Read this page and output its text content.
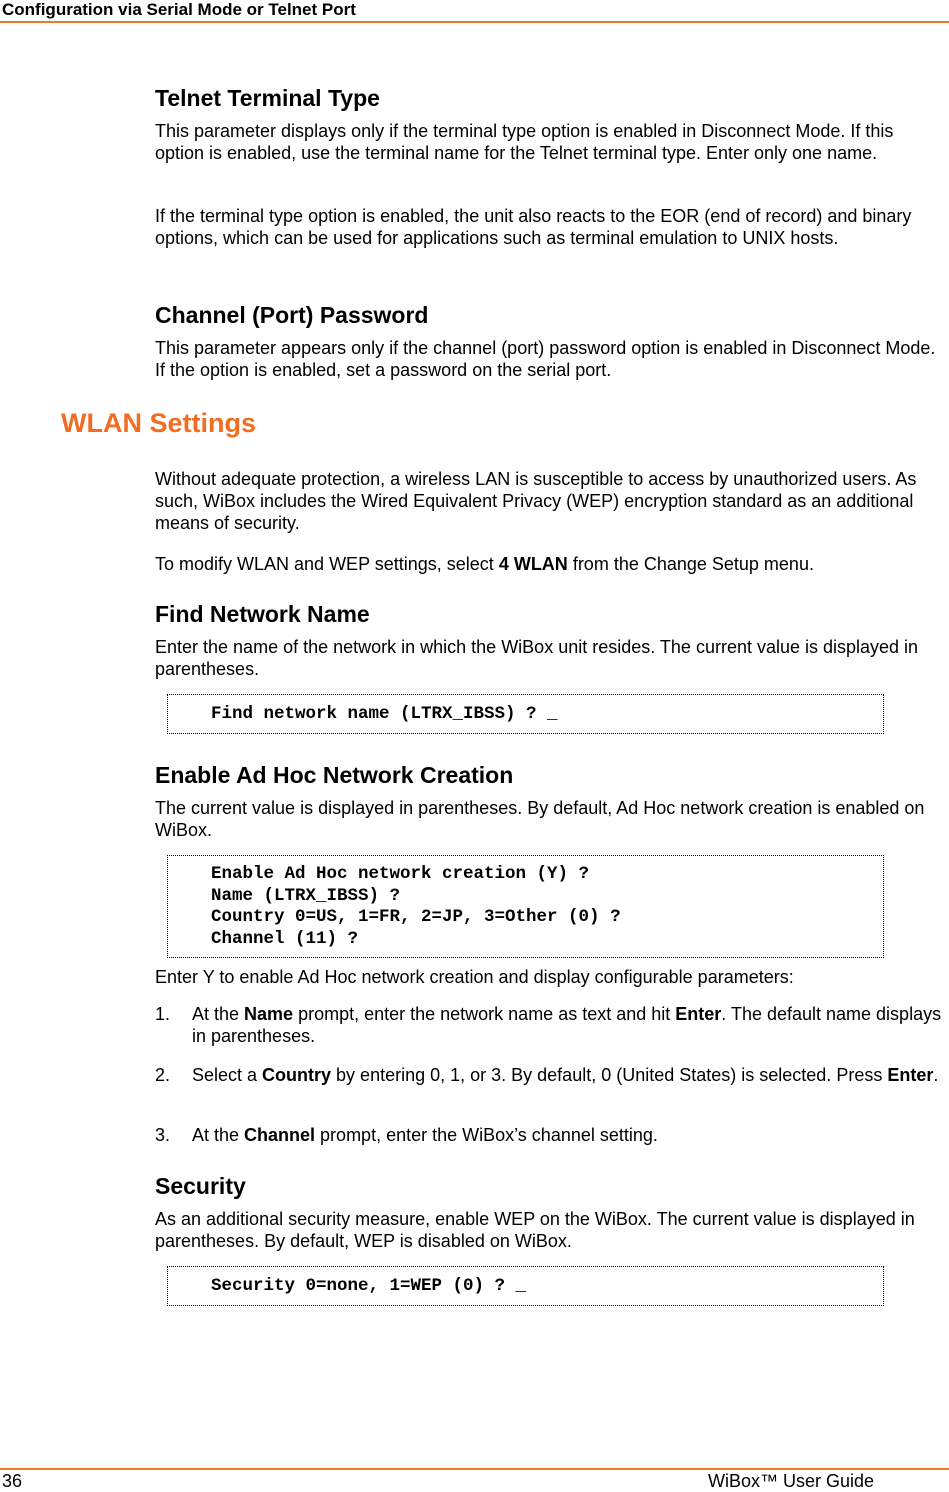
Configuration via Serial Mode or Telnet Port
Telnet Terminal Type

This parameter displays only if the terminal type option is enabled in Disconnect Mode. If this option is enabled, use the terminal name for the Telnet terminal type. Enter only one name.

If the terminal type option is enabled, the unit also reacts to the EOR (end of record) and binary options, which can be used for applications such as terminal emulation to UNIX hosts.

Channel (Port) Password

This parameter appears only if the channel (port) password option is enabled in Disconnect Mode. If the option is enabled, set a password on the serial port.

WLAN Settings

Without adequate protection, a wireless LAN is susceptible to access by unauthorized users. As such, WiBox includes the Wired Equivalent Privacy (WEP) encryption standard as an additional means of security.

To modify WLAN and WEP settings, select 4 WLAN from the Change Setup menu.

Find Network Name

Enter the name of the network in which the WiBox unit resides. The current value is displayed in parentheses.

Find network name (LTRX_IBSS) ? _
Enable Ad Hoc Network Creation

The current value is displayed in parentheses. By default, Ad Hoc network creation is enabled on WiBox.

Enable Ad Hoc network creation (Y) ?
Name (LTRX_IBSS) ?
Country 0=US, 1=FR, 2=JP, 3=Other (0) ?
Channel (11) ?

Enter Y to enable Ad Hoc network creation and display configurable parameters:

1. At the Name prompt, enter the network name as text and hit Enter. The default name displays in parentheses.
2. Select a Country by entering 0, 1, or 3. By default, 0 (United States) is selected. Press Enter.
3. At the Channel prompt, enter the WiBox’s channel setting.
Security

As an additional security measure, enable WEP on the WiBox. The current value is displayed in parentheses. By default, WEP is disabled on WiBox.

Security 0=none, 1=WEP (0) ? _
36	WiBox™ User Guide
